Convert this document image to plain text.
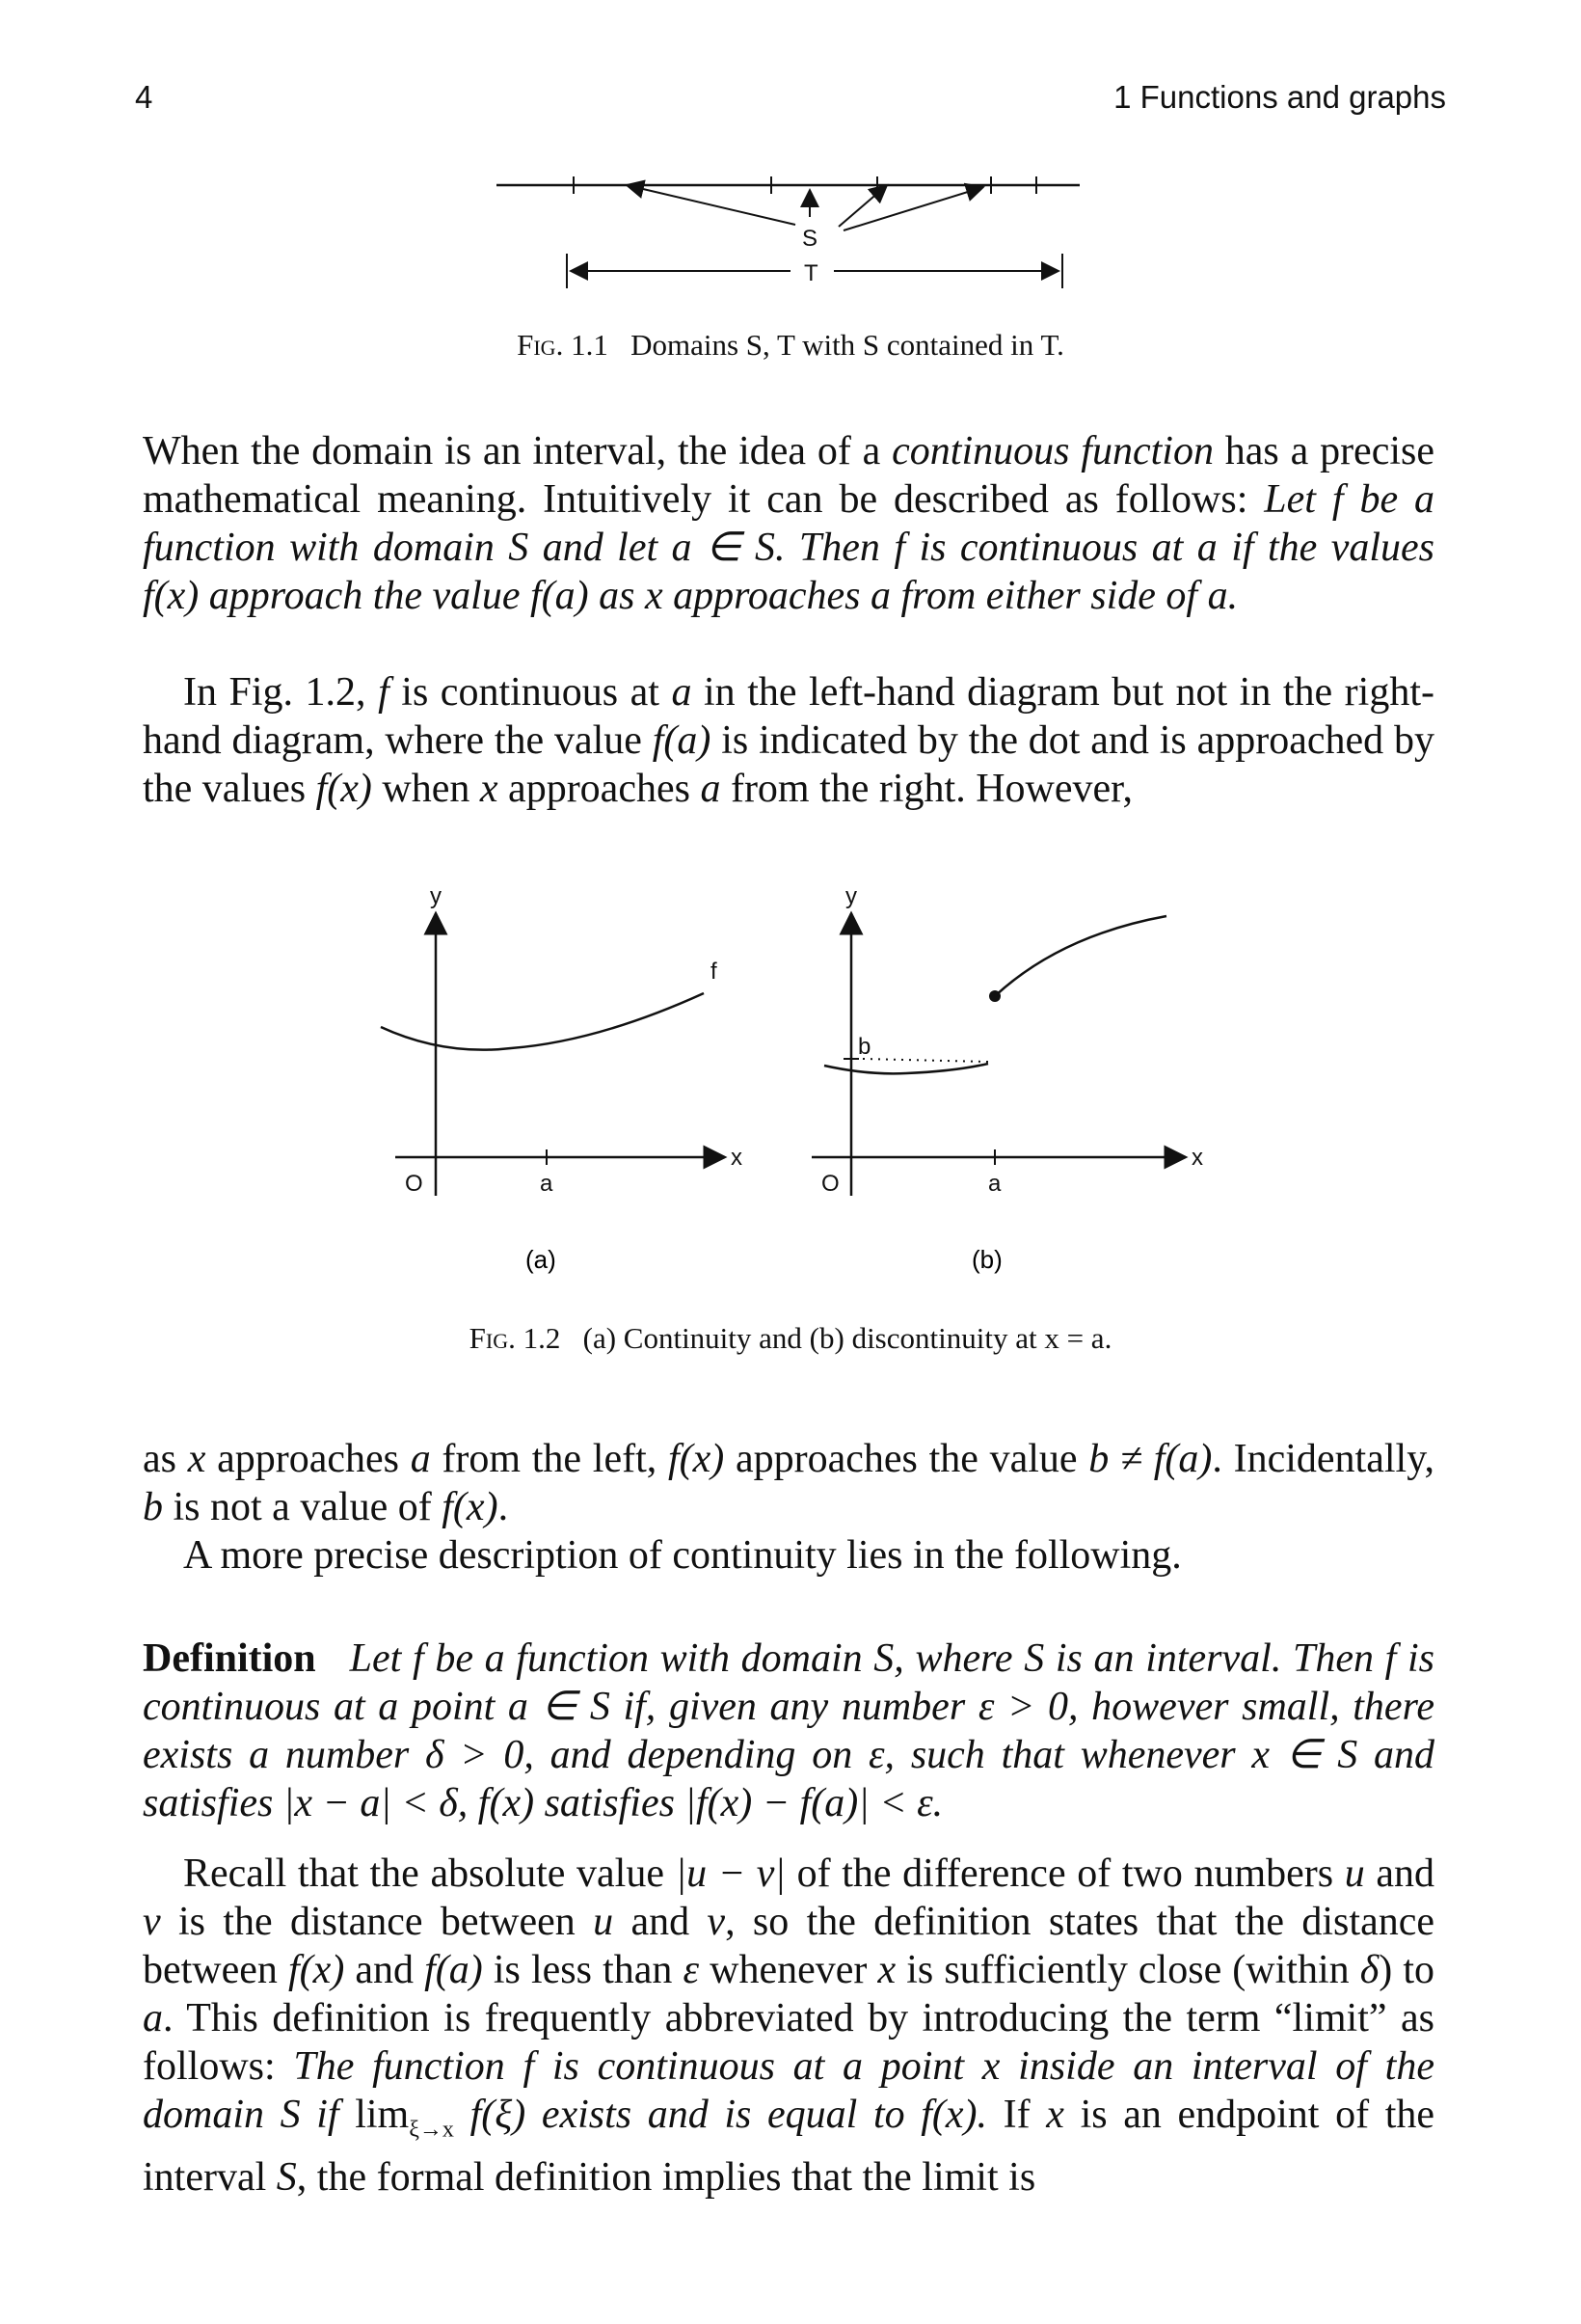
4	1 Functions and graphs
S
T
Fig. 1.1 Domains S, T with S contained in T.

When the domain is an interval, the idea of a continuous function has a precise mathematical meaning. Intuitively it can be described as follows: Let f be a function with domain S and let a ∈ S. Then f is continuous at a if the values f(x) approach the value f(a) as x approaches a from either side of a.

In Fig. 1.2, f is continuous at a in the left-hand diagram but not in the right-hand diagram, where the value f(a) is indicated by the dot and is approached by the values f(x) when x approaches a from the right. However,

y
x
O	a
f
(a)
y
x
O	a
b
(b)
Fig. 1.2 (a) Continuity and (b) discontinuity at x = a.

as x approaches a from the left, f(x) approaches the value b ≠ f(a). Incidentally, b is not a value of f(x).

A more precise description of continuity lies in the following.

Definition Let f be a function with domain S, where S is an interval. Then f is continuous at a point a ∈ S if, given any number ε > 0, however small, there exists a number δ > 0, and depending on ε, such that whenever x ∈ S and satisfies |x − a| < δ, f(x) satisfies |f(x) − f(a)| < ε.

Recall that the absolute value |u − v| of the difference of two numbers u and v is the distance between u and v, so the definition states that the distance between f(x) and f(a) is less than ε whenever x is sufficiently close (within δ) to a. This definition is frequently abbreviated by introducing the term “limit” as follows: The function f is continuous at a point x inside an interval of the domain S if $\lim_{\xi\to x} f(\xi)$ exists and is equal to f(x). If x is an endpoint of the interval S, the formal definition implies that the limit is
